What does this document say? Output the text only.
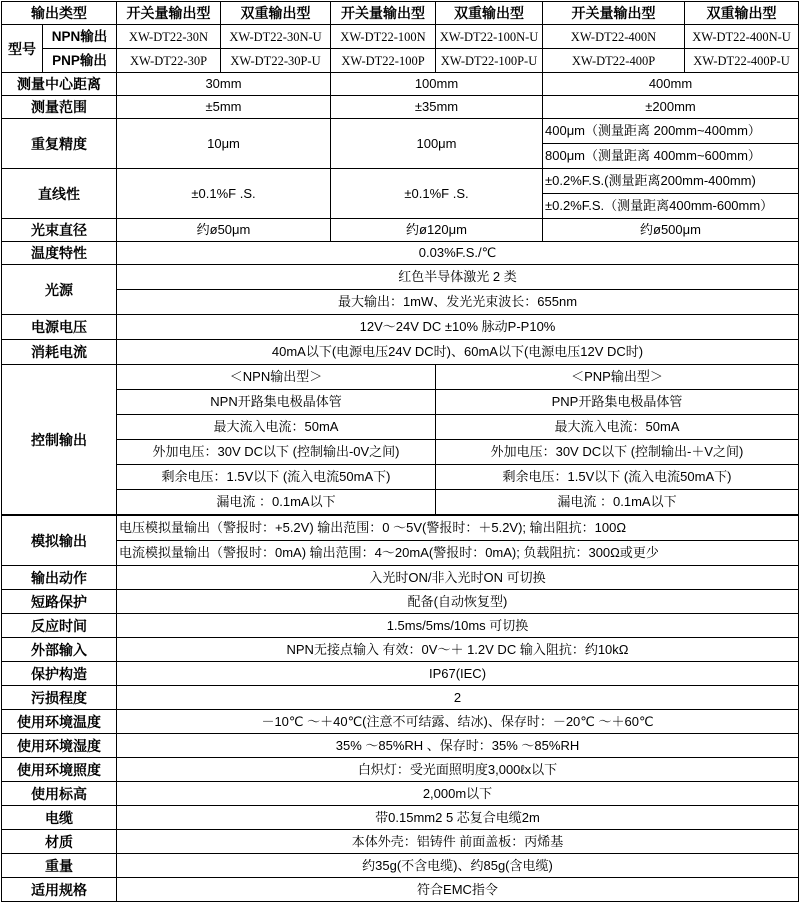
输出类型		开关量输出型	双重输出型	开关量输出型	双重输出型	开关量输出型	双重输出型
型号	NPN输出	XW-DT22-30N	XW-DT22-30N-U	XW-DT22-100N	XW-DT22-100N-U	XW-DT22-400N	XW-DT22-400N-U
	PNP输出	XW-DT22-30P	XW-DT22-30P-U	XW-DT22-100P	XW-DT22-100P-U	XW-DT22-400P	XW-DT22-400P-U
测量中心距离		30mm		100mm		400mm	
测量范围		±5mm		±35mm		±200mm	
重复精度		10μm		100μm		400μm（测量距离 200mm~400mm）	
						800μm（测量距离 400mm~600mm）	
直线性		±0.1%F .S.		±0.1%F .S.		±0.2%F.S.(测量距离200mm-400mm)	
						±0.2%F.S.（测量距离400mm-600mm）	
光束直径		约ø50μm		约ø120μm		约ø500μm	
温度特性		0.03%F.S./℃					
光源		红色半导体激光 2 类					
		最大输出：1mW、发光光束波长：655nm					
电源电压		12V～24V DC ±10% 脉动P-P10%					
消耗电流		40mA以下(电源电压24V DC时)、60mA以下(电源电压12V DC时)					
控制输出		＜NPN输出型＞			＜PNP输出型＞		
		NPN开路集电极晶体管			PNP开路集电极晶体管		
		最大流入电流：50mA			最大流入电流：50mA		
		外加电压：30V DC以下 (控制输出-0V之间)			外加电压：30V DC以下 (控制输出-＋V之间)		
		剩余电压：1.5V以下 (流入电流50mA下)			剩余电压：1.5V以下 (流入电流50mA下)		
		漏电流 ：0.1mA以下			漏电流 ：0.1mA以下		
模拟输出		电压模拟量输出（警报时：+5.2V) 输出范围：0 ～5V(警报时：＋5.2V); 输出阻抗：100Ω					
		电流模拟量输出（警报时：0mA) 输出范围：4～20mA(警报时：0mA); 负载阻抗：300Ω或更少					
输出动作		入光时ON/非入光时ON 可切换					
短路保护		配备(自动恢复型)					
反应时间		1.5ms/5ms/10ms 可切换					
外部输入		NPN无接点输入 有效：0V～＋ 1.2V DC 输入阻抗：约10kΩ					
保护构造		IP67(IEC)					
污损程度		2					
使用环境温度		－10℃ ～＋40℃(注意不可结露、结冰)、保存时：－20℃ ～＋60℃					
使用环境湿度		35% ～85%RH 、保存时：35% ～85%RH					
使用环境照度		白炽灯：受光面照明度3,000ℓx以下					
使用标高		2,000m以下					
电缆		带0.15mm2 5 芯复合电缆2m					
材质		本体外壳：铝铸件 前面盖板：丙烯基					
重量		约35g(不含电缆)、约85g(含电缆)					
适用规格		符合EMC指令					
